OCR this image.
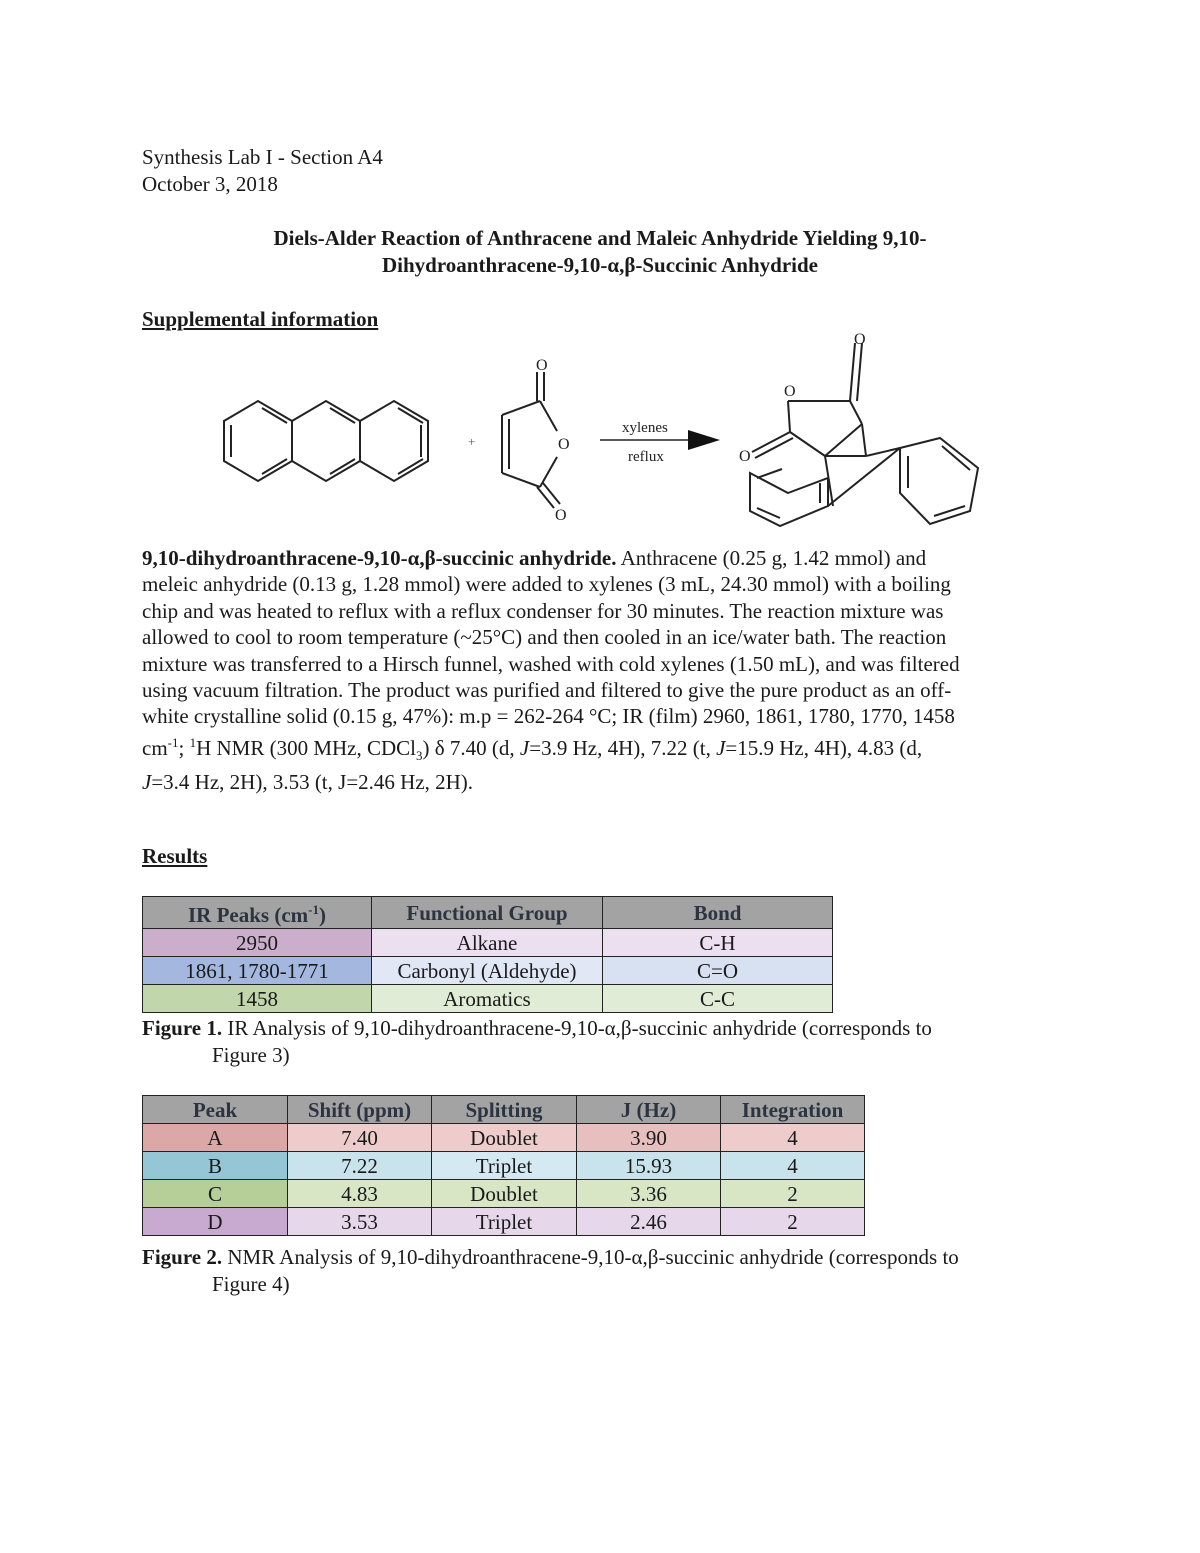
Synthesis Lab I - Section A4
October 3, 2018
Diels-Alder Reaction of Anthracene and Maleic Anhydride Yielding 9,10-
Dihydroanthracene-9,10-α,β-Succinic Anhydride
Supplemental information
+
O
O
O
xylenes
reflux
O
O
O

9,10-dihydroanthracene-9,10-α,β-succinic anhydride. Anthracene (0.25 g, 1.42 mmol) and

meleic anhydride (0.13 g, 1.28 mmol) were added to xylenes (3 mL, 24.30 mmol) with a boiling

chip and was heated to reflux with a reflux condenser for 30 minutes. The reaction mixture was

allowed to cool to room temperature (~25°C) and then cooled in an ice/water bath. The reaction

mixture was transferred to a Hirsch funnel, washed with cold xylenes (1.50 mL), and was filtered

using vacuum filtration. The product was purified and filtered to give the pure product as an off-

white crystalline solid (0.15 g, 47%): m.p = 262-264 °C; IR (film) 2960, 1861, 1780, 1770, 1458

$cm^{-1}$; $^1$H NMR (300 MHz, CDCl$_3$) δ 7.40 (d, J=3.9 Hz, 4H), 7.22 (t, J=15.9 Hz, 4H), 4.83 (d,

J=3.4 Hz, 2H), 3.53 (t, J=2.46 Hz, 2H).

Results
IR Peaks $(cm^{-1})$	Functional Group	Bond
2950	Alkane	C-H
1861, 1780-1771	Carbonyl (Aldehyde)	C=O
1458	Aromatics	C-C
Figure 1. IR Analysis of 9,10-dihydroanthracene-9,10-α,β-succinic anhydride (corresponds to
Figure 3)
Peak	Shift (ppm)	Splitting	J (Hz)	Integration
A	7.40	Doublet	3.90	4
B	7.22	Triplet	15.93	4
C	4.83	Doublet	3.36	2
D	3.53	Triplet	2.46	2
Figure 2. NMR Analysis of 9,10-dihydroanthracene-9,10-α,β-succinic anhydride (corresponds to
Figure 4)
